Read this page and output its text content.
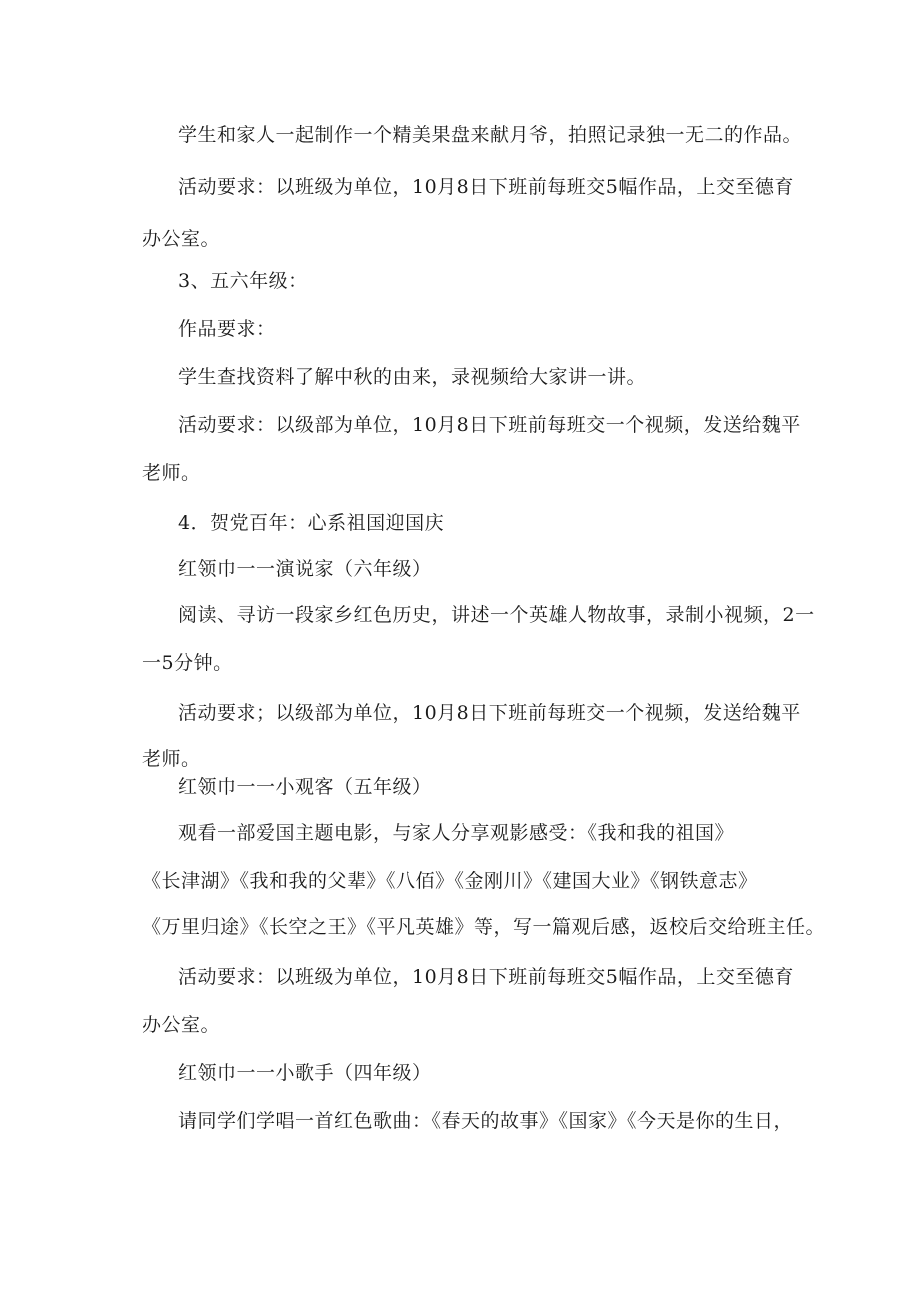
学生和家人一起制作一个精美果盘来献月爷，拍照记录独一无二的作品。
活动要求：以班级为单位，10月8日下班前每班交5幅作品，上交至德育
办公室。
3、五六年级：
作品要求：
学生查找资料了解中秋的由来，录视频给大家讲一讲。
活动要求：以级部为单位，10月8日下班前每班交一个视频，发送给魏平
老师。
4．贺党百年：心系祖国迎国庆
红领巾一一演说家（六年级）
阅读、寻访一段家乡红色历史，讲述一个英雄人物故事，录制小视频，2一
一5分钟。
活动要求；以级部为单位，10月8日下班前每班交一个视频，发送给魏平
老师。
红领巾一一小观客（五年级）
观看一部爱国主题电影，与家人分享观影感受：《我和我的祖国》
《长津湖》《我和我的父辈》《八佰》《金刚川》《建国大业》《钢铁意志》
《万里归途》《长空之王》《平凡英雄》等，写一篇观后感，返校后交给班主任。
活动要求：以班级为单位，10月8日下班前每班交5幅作品，上交至德育
办公室。
红领巾一一小歌手（四年级）
请同学们学唱一首红色歌曲：《春天的故事》《国家》《今天是你的生日，
